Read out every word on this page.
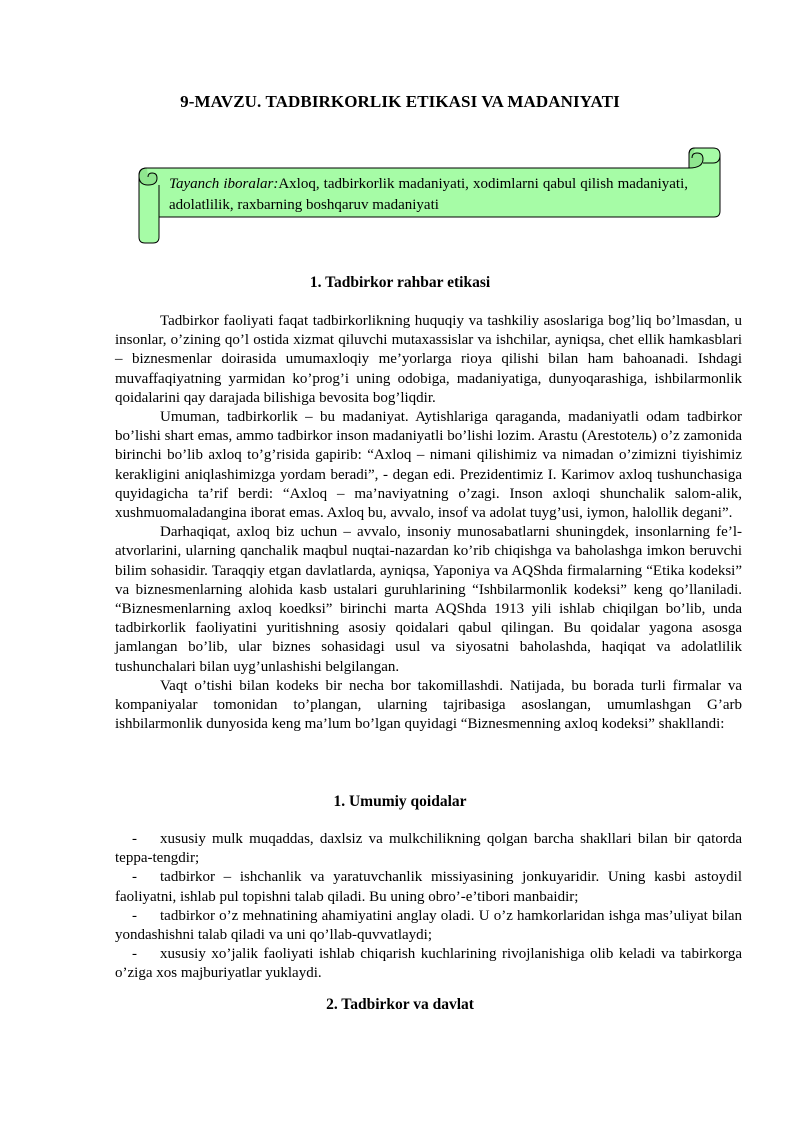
9-MAVZU. TADBIRKORLIK ETIKASI VA MADANIYATI
Tayanch iboralar:Axloq, tadbirkorlik madaniyati, xodimlarni qabul qilish madaniyati, adolatlilik, raxbarning boshqaruv madaniyati
1. Tadbirkor rahbar etikasi

Tadbirkor faoliyati faqat tadbirkorlikning huquqiy va tashkiliy asoslariga bog’liq bo’lmasdan, u insonlar, o’zining qo’l ostida xizmat qiluvchi mutaxassislar va ishchilar, ayniqsa, chet ellik hamkasblari – biznesmenlar doirasida umumaxloqiy me’yorlarga rioya qilishi bilan ham bahoanadi. Ishdagi muvaffaqiyatning yarmidan ko’prog’i uning odobiga, madaniyatiga, dunyoqarashiga, ishbilarmonlik qoidalarini qay darajada bilishiga bevosita bog’liqdir.

Umuman, tadbirkorlik – bu madaniyat. Aytishlariga qaraganda, madaniyatli odam tadbirkor bo’lishi shart emas, ammo tadbirkor inson madaniyatli bo’lishi lozim. Arastu (Arestoteль) o’z zamonida birinchi bo’lib axloq to’g’risida gapirib: “Axloq – nimani qilishimiz va nimadan o’zimizni tiyishimiz kerakligini aniqlashimizga yordam beradi”, - degan edi. Prezidentimiz I. Karimov axloq tushunchasiga quyidagicha ta’rif berdi: “Axloq – ma’naviyatning o’zagi. Inson axloqi shunchalik salom-alik, xushmuomaladangina iborat emas. Axloq bu, avvalo, insof va adolat tuyg’usi, iymon, halollik degani”.

Darhaqiqat, axloq biz uchun – avvalo, insoniy munosabatlarni shuningdek, insonlarning fe’l-atvorlarini, ularning qanchalik maqbul nuqtai-nazardan ko’rib chiqishga va baholashga imkon beruvchi bilim sohasidir. Taraqqiy etgan davlatlarda, ayniqsa, Yaponiya va AQShda firmalarning “Etika kodeksi” va biznesmenlarning alohida kasb ustalari guruhlarining “Ishbilarmonlik kodeksi” keng qo’llaniladi. “Biznesmenlarning axloq koedksi” birinchi marta AQShda 1913 yili ishlab chiqilgan bo’lib, unda tadbirkorlik faoliyatini yuritishning asosiy qoidalari qabul qilingan. Bu qoidalar yagona asosga jamlangan bo’lib, ular biznes sohasidagi usul va siyosatni baholashda, haqiqat va adolatlilik tushunchalari bilan uyg’unlashishi belgilangan.

Vaqt o’tishi bilan kodeks bir necha bor takomillashdi. Natijada, bu borada turli firmalar va kompaniyalar tomonidan to’plangan, ularning tajribasiga asoslangan, umumlashgan G’arb ishbilarmonlik dunyosida keng ma’lum bo’lgan quyidagi “Biznesmenning axloq kodeksi” shakllandi:

1. Umumiy qoidalar
- xususiy mulk muqaddas, daxlsiz va mulkchilikning qolgan barcha shakllari bilan bir qatorda teppa-tengdir;
- tadbirkor – ishchanlik va yaratuvchanlik missiyasining jonkuyaridir. Uning kasbi astoydil faoliyatni, ishlab pul topishni talab qiladi. Bu uning obro’-e’tibori manbaidir;
- tadbirkor o’z mehnatining ahamiyatini anglay oladi. U o’z hamkorlaridan ishga mas’uliyat bilan yondashishni talab qiladi va uni qo’llab-quvvatlaydi;
- xususiy xo’jalik faoliyati ishlab chiqarish kuchlarining rivojlanishiga olib keladi va tabirkorga o’ziga xos majburiyatlar yuklaydi.
2. Tadbirkor va davlat
